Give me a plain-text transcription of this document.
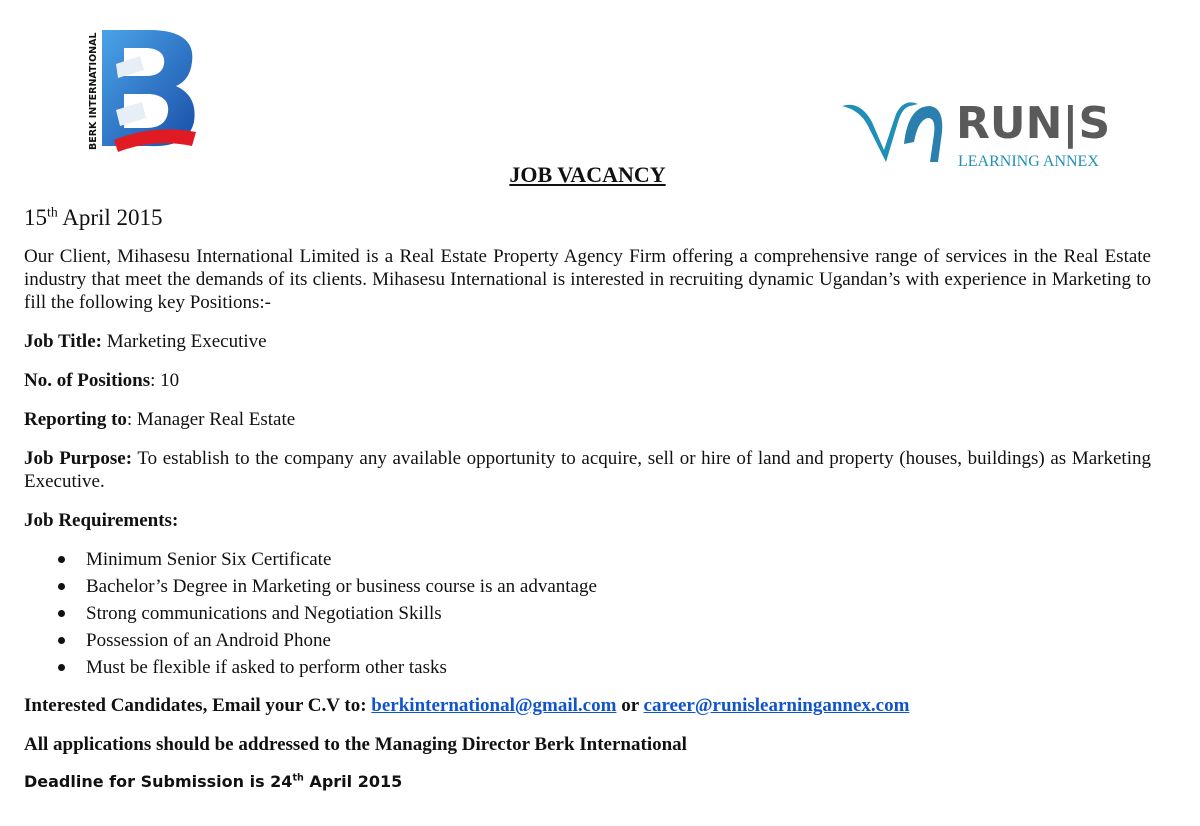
BERK INTERNATIONAL	RUN|S
LEARNING ANNEX
JOB VACANCY
15th April 2015

Our Client, Mihasesu International Limited is a Real Estate Property Agency Firm offering a comprehensive range of services in the Real Estate industry that meet the demands of its clients. Mihasesu International is interested in recruiting dynamic Ugandan’s with experience in Marketing to fill the following key Positions:-

Job Title: Marketing Executive

No. of Positions: 10

Reporting to: Manager Real Estate

Job Purpose: To establish to the company any available opportunity to acquire, sell or hire of land and property (houses, buildings) as Marketing Executive.

Job Requirements:

Minimum Senior Six Certificate
Bachelor’s Degree in Marketing or business course is an advantage
Strong communications and Negotiation Skills
Possession of an Android Phone
Must be flexible if asked to perform other tasks

Interested Candidates, Email your C.V to: berkinternational@gmail.com or career@runislearningannex.com

All applications should be addressed to the Managing Director Berk International

Deadline for Submission is 24th April 2015
